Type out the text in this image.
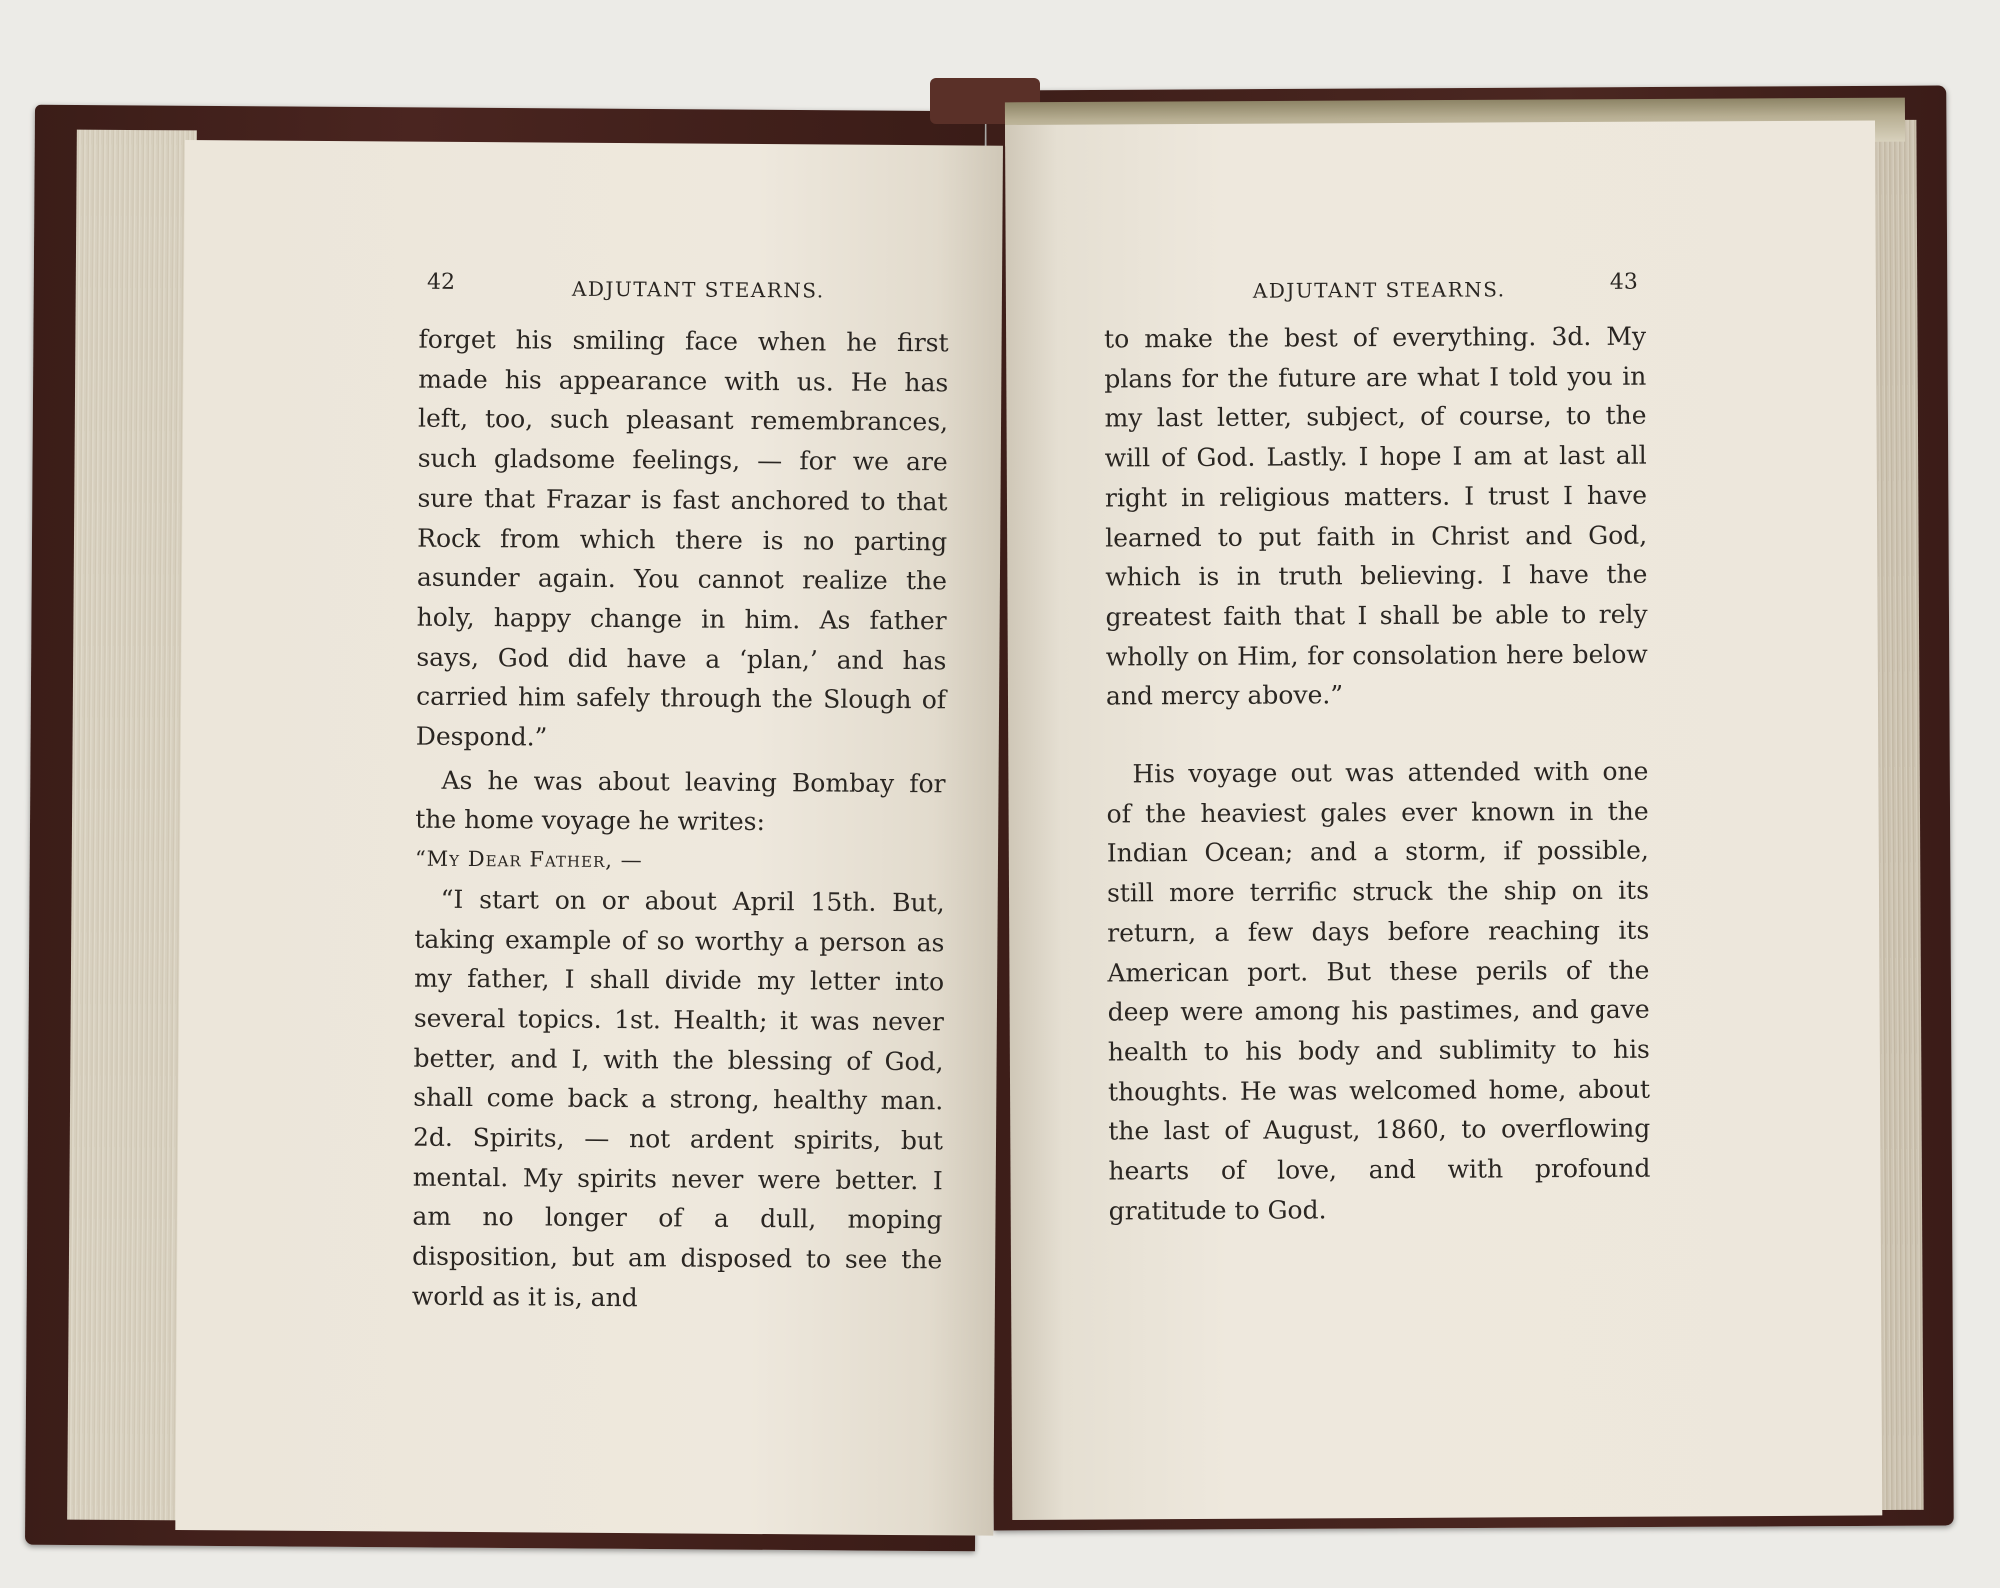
42	ADJUTANT STEARNS.

forget his smiling face when he first made his appearance with us. He has left, too, such pleasant remembrances, such gladsome feelings, — for we are sure that Frazar is fast anchored to that Rock from which there is no parting asunder again. You cannot realize the holy, happy change in him. As father says, God did have a ‘plan,’ and has carried him safely through the Slough of Despond.”

As he was about leaving Bombay for the home voyage he writes:

“My Dear Father, —

“I start on or about April 15th. But, taking example of so worthy a person as my father, I shall divide my letter into several topics. 1st. Health; it was never better, and I, with the blessing of God, shall come back a strong, healthy man. 2d. Spirits, — not ardent spirits, but mental. My spirits never were better. I am no longer of a dull, moping disposition, but am disposed to see the world as it is, and

ADJUTANT STEARNS.	43

to make the best of everything. 3d. My plans for the future are what I told you in my last letter, subject, of course, to the will of God. Lastly. I hope I am at last all right in religious matters. I trust I have learned to put faith in Christ and God, which is in truth believing. I have the greatest faith that I shall be able to rely wholly on Him, for consolation here below and mercy above.”

His voyage out was attended with one of the heaviest gales ever known in the Indian Ocean; and a storm, if possible, still more terrific struck the ship on its return, a few days before reaching its American port. But these perils of the deep were among his pastimes, and gave health to his body and sublimity to his thoughts. He was welcomed home, about the last of August, 1860, to overflowing hearts of love, and with profound gratitude to God.
